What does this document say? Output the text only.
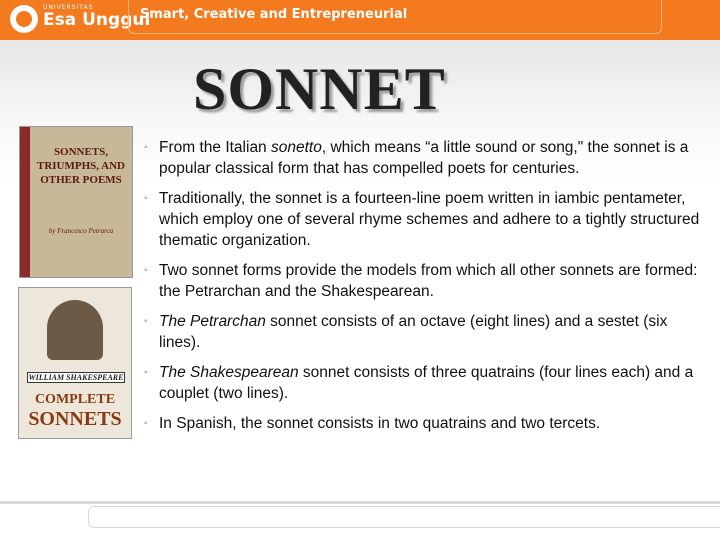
UNIVERSITAS
Esa Unggul
Smart, Creative and Entrepreneurial
SONNET
SONNETS, TRIUMPHS, AND OTHER POEMS
by Francesco Petrarca
WILLIAM SHAKESPEARE
COMPLETE
SONNETS
◦ From the Italian sonetto, which means “a little sound or song," the sonnet is a popular classical form that has compelled poets for centuries.
◦ Traditionally, the sonnet is a fourteen-line poem written in iambic pentameter, which employ one of several rhyme schemes and adhere to a tightly structured thematic organization.
◦ Two sonnet forms provide the models from which all other sonnets are formed: the Petrarchan and the Shakespearean.
◦ The Petrarchan sonnet consists of an octave (eight lines) and a sestet (six lines).
◦ The Shakespearean sonnet consists of three quatrains (four lines each) and a couplet (two lines).
◦ In Spanish, the sonnet consists in two quatrains and two tercets.
